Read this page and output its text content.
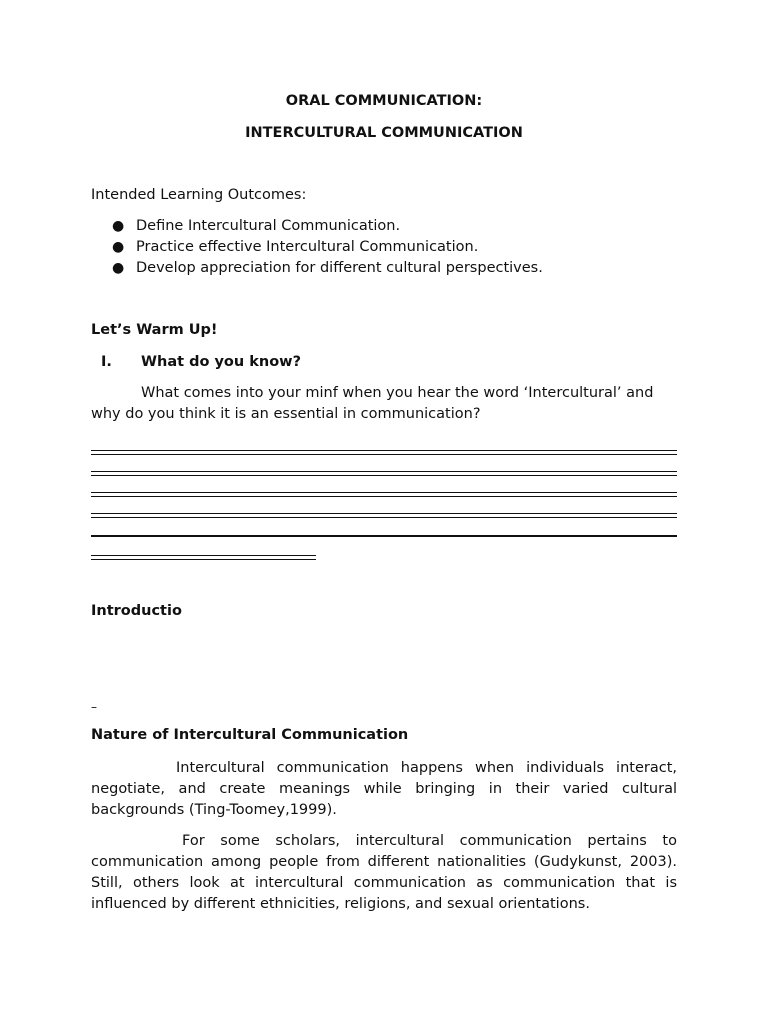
ORAL COMMUNICATION:
INTERCULTURAL COMMUNICATION
Intended Learning Outcomes:
● Define Intercultural Communication.
● Practice effective Intercultural Communication.
● Develop appreciation for different cultural perspectives.
Let’s Warm Up!
I. What do you know?
What comes into your minf when you hear the word ‘Intercultural’ and
why do you think it is an essential in communication?
Introductio
–
Nature of Intercultural Communication
Intercultural communication happens when individuals interact, negotiate, and create meanings while bringing in their varied cultural backgrounds (Ting-Toomey,1999).
For some scholars, intercultural communication pertains to communication among people from different nationalities (Gudykunst, 2003). Still, others look at intercultural communication as communication that is influenced by different ethnicities, religions, and sexual orientations.
